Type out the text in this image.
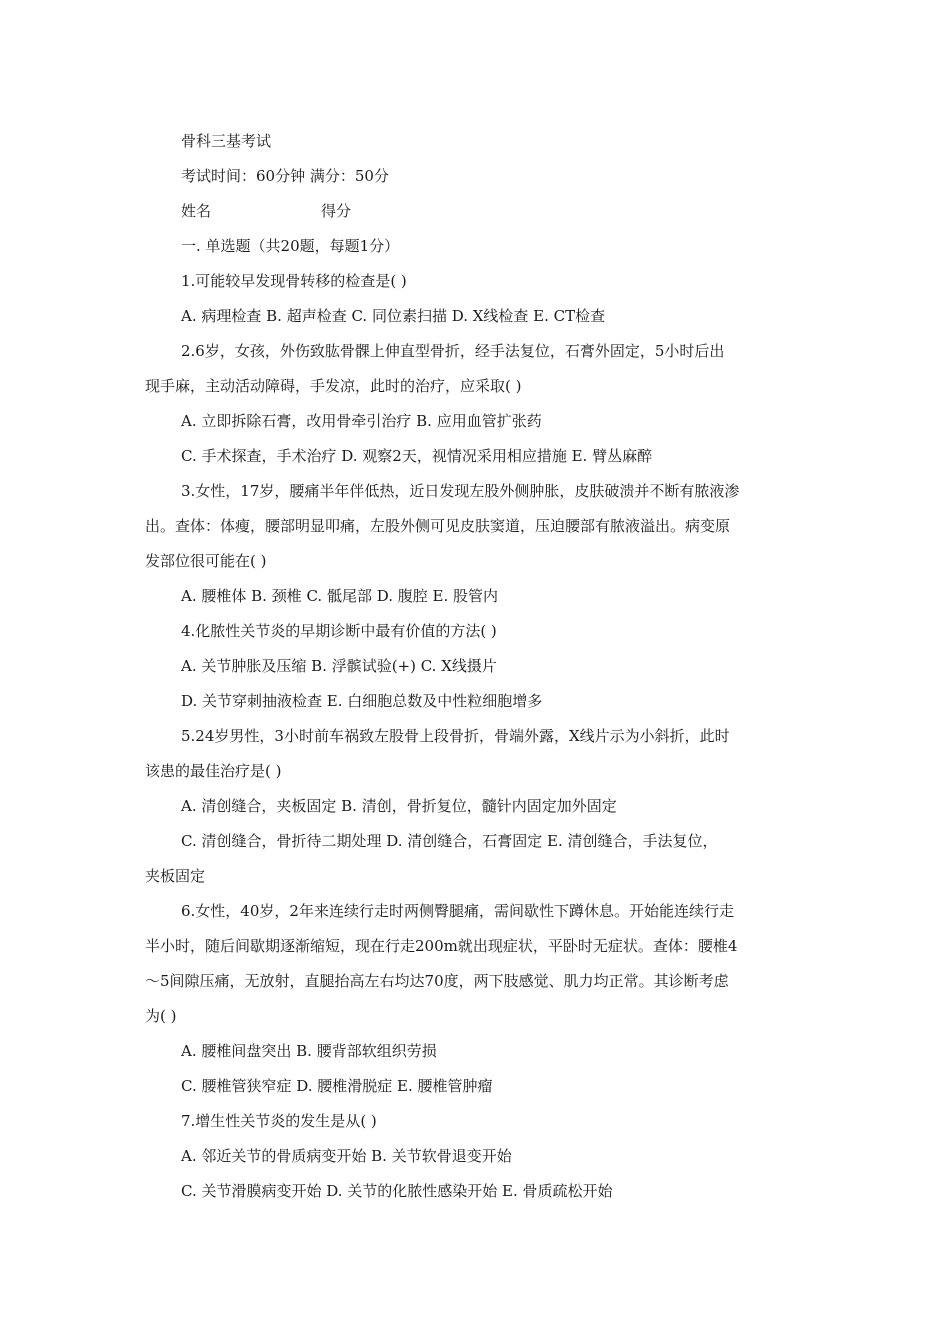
骨科三基考试
考试时间：60分钟 满分：50分
姓名	得分
一. 单选题（共20题，每题1分）
1.可能较早发现骨转移的检查是( )
A. 病理检查 B. 超声检查 C. 同位素扫描 D. X线检查 E. CT检查
2.6岁，女孩，外伤致肱骨髁上伸直型骨折，经手法复位，石膏外固定，5小时后出
现手麻，主动活动障碍，手发凉，此时的治疗，应采取( )
A. 立即拆除石膏，改用骨牵引治疗 B. 应用血管扩张药
C. 手术探查，手术治疗 D. 观察2天，视情况采用相应措施 E. 臂丛麻醉
3.女性，17岁，腰痛半年伴低热，近日发现左股外侧肿胀，皮肤破溃并不断有脓液渗
出。查体：体瘦，腰部明显叩痛，左股外侧可见皮肤窦道，压迫腰部有脓液溢出。病变原
发部位很可能在( )
A. 腰椎体 B. 颈椎 C. 骶尾部 D. 腹腔 E. 股管内
4.化脓性关节炎的早期诊断中最有价值的方法( )
A. 关节肿胀及压缩 B. 浮髌试验(+) C. X线摄片
D. 关节穿刺抽液检查 E. 白细胞总数及中性粒细胞增多
5.24岁男性，3小时前车祸致左股骨上段骨折，骨端外露，X线片示为小斜折，此时
该患的最佳治疗是( )
A. 清创缝合，夹板固定 B. 清创，骨折复位，髓针内固定加外固定
C. 清创缝合，骨折待二期处理 D. 清创缝合，石膏固定 E. 清创缝合，手法复位，
夹板固定
6.女性，40岁，2年来连续行走时两侧臀腿痛，需间歇性下蹲休息。开始能连续行走
半小时，随后间歇期逐渐缩短，现在行走200m就出现症状，平卧时无症状。查体：腰椎4
～5间隙压痛，无放射，直腿抬高左右均达70度，两下肢感觉、肌力均正常。其诊断考虑
为( )
A. 腰椎间盘突出 B. 腰背部软组织劳损
C. 腰椎管狭窄症 D. 腰椎滑脱症 E. 腰椎管肿瘤
7.增生性关节炎的发生是从( )
A. 邻近关节的骨质病变开始 B. 关节软骨退变开始
C. 关节滑膜病变开始 D. 关节的化脓性感染开始 E. 骨质疏松开始
